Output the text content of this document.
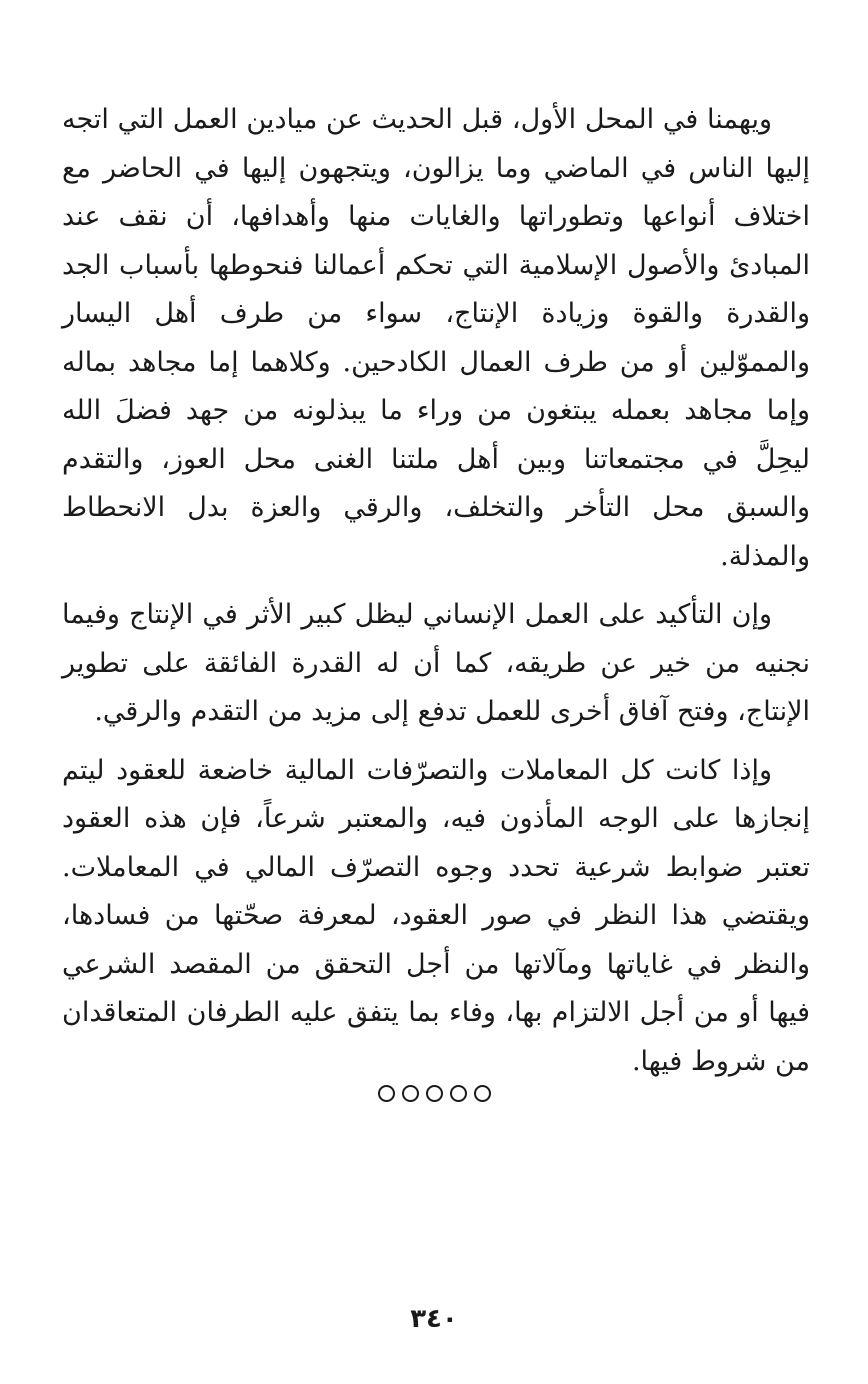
ويهمنا في المحل الأول، قبل الحديث عن ميادين العمل التي اتجه إليها الناس في الماضي وما يزالون، ويتجهون إليها في الحاضر مع اختلاف أنواعها وتطوراتها والغايات منها وأهدافها، أن نقف عند المبادئ والأصول الإسلامية التي تحكم أعمالنا فنحوطها بأسباب الجد والقدرة والقوة وزيادة الإنتاج، سواء من طرف أهل اليسار والمموّلين أو من طرف العمال الكادحين. وكلاهما إما مجاهد بماله وإما مجاهد بعمله يبتغون من وراء ما يبذلونه من جهد فضلَ الله ليحِلَّ في مجتمعاتنا وبين أهل ملتنا الغنى محل العوز، والتقدم والسبق محل التأخر والتخلف، والرقي والعزة بدل الانحطاط والمذلة.

وإن التأكيد على العمل الإنساني ليظل كبير الأثر في الإنتاج وفيما نجنيه من خير عن طريقه، كما أن له القدرة الفائقة على تطوير الإنتاج، وفتح آفاق أخرى للعمل تدفع إلى مزيد من التقدم والرقي.

وإذا كانت كل المعاملات والتصرّفات المالية خاضعة للعقود ليتم إنجازها على الوجه المأذون فيه، والمعتبر شرعاً، فإن هذه العقود تعتبر ضوابط شرعية تحدد وجوه التصرّف المالي في المعاملات. ويقتضي هذا النظر في صور العقود، لمعرفة صحّتها من فسادها، والنظر في غاياتها ومآلاتها من أجل التحقق من المقصد الشرعي فيها أو من أجل الالتزام بها، وفاء بما يتفق عليه الطرفان المتعاقدان من شروط فيها.

٣٤٠
